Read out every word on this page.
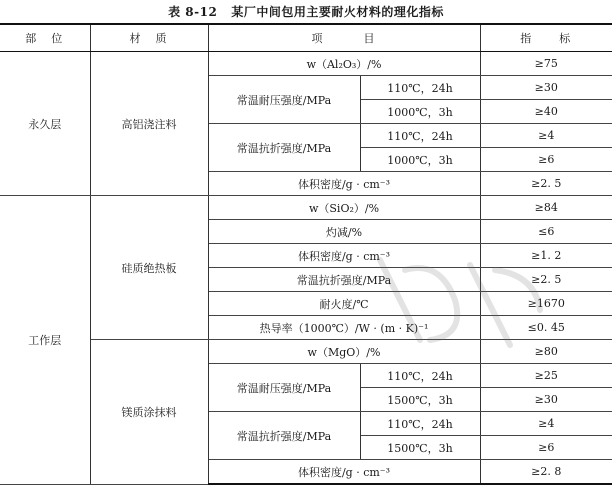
表 8-12 某厂中间包用主要耐火材料的理化指标
部　位	材　质	项　　　目		指　　标
永久层	高铝浇注料	w（Al₂O₃）/%		≥75
		常温耐压强度/MPa	110℃，24h	≥30
			1000℃，3h	≥40
		常温抗折强度/MPa	110℃，24h	≥4
			1000℃，3h	≥6
		体积密度/g · cm⁻³		≥2. 5
工作层	硅质绝热板	w（SiO₂）/%		≥84
		灼减/%		≤6
		体积密度/g · cm⁻³		≥1. 2
		常温抗折强度/MPa		≥2. 5
		耐火度/℃		≥1670
		热导率（1000℃）/W · (m · K)⁻¹		≤0. 45
	镁质涂抹料	w（MgO）/%		≥80
		常温耐压强度/MPa	110℃，24h	≥25
			1500℃，3h	≥30
		常温抗折强度/MPa	110℃，24h	≥4
			1500℃，3h	≥6
		体积密度/g · cm⁻³		≥2. 8
